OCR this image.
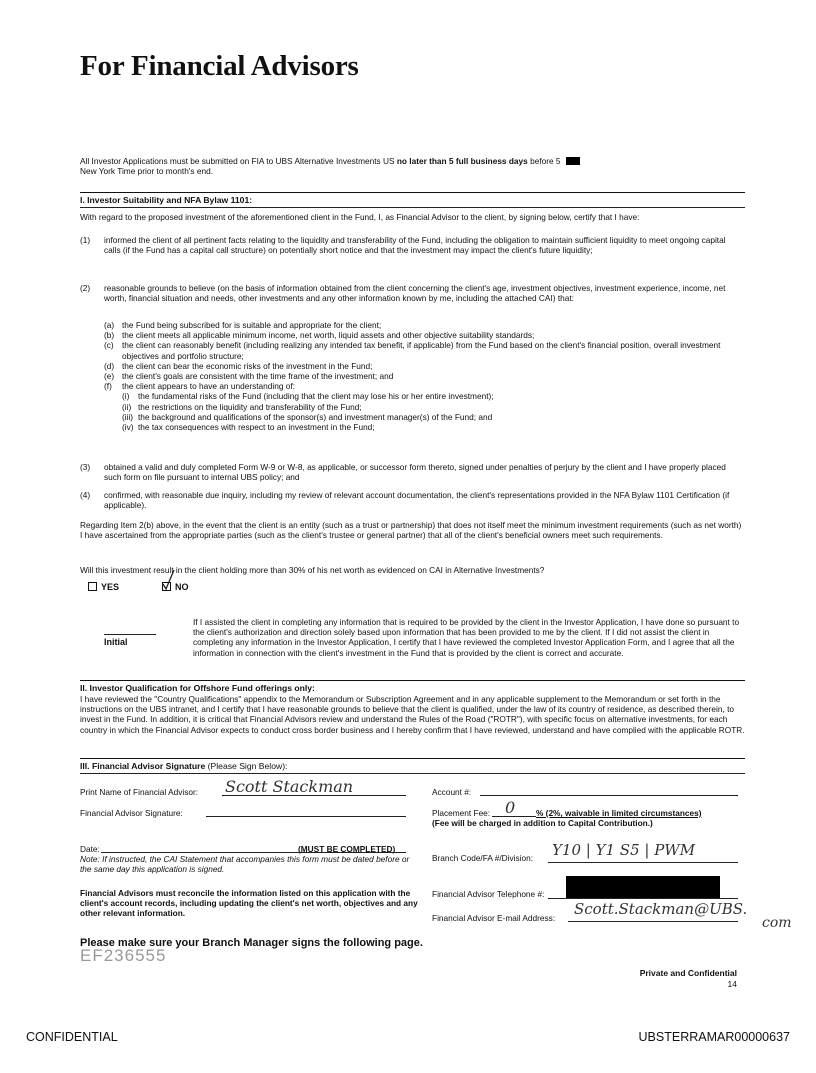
For Financial Advisors
All Investor Applications must be submitted on FIA to UBS Alternative Investments US no later than 5 full business days before 5
New York Time prior to month's end.
I. Investor Suitability and NFA Bylaw 1101:
With regard to the proposed investment of the aforementioned client in the Fund, I, as Financial Advisor to the client, by signing below, certify that I have:
(1) informed the client of all pertinent facts relating to the liquidity and transferability of the Fund, including the obligation to maintain sufficient liquidity to meet ongoing capital calls (if the Fund has a capital call structure) on potentially short notice and that the investment may impact the client's future liquidity;
(2) reasonable grounds to believe (on the basis of information obtained from the client concerning the client's age, investment objectives, investment experience, income, net worth, financial situation and needs, other investments and any other information known by me, including the attached CAI) that:
(a) the Fund being subscribed for is suitable and appropriate for the client;
(b) the client meets all applicable minimum income, net worth, liquid assets and other objective suitability standards;
(c) the client can reasonably benefit (including realizing any intended tax benefit, if applicable) from the Fund based on the client's financial position, overall investment objectives and portfolio structure;
(d) the client can bear the economic risks of the investment in the Fund;
(e) the client's goals are consistent with the time frame of the investment; and
(f) the client appears to have an understanding of:
(i) the fundamental risks of the Fund (including that the client may lose his or her entire investment);
(ii) the restrictions on the liquidity and transferability of the Fund;
(iii) the background and qualifications of the sponsor(s) and investment manager(s) of the Fund; and
(iv) the tax consequences with respect to an investment in the Fund;
(3) obtained a valid and duly completed Form W-9 or W-8, as applicable, or successor form thereto, signed under penalties of perjury by the client and I have properly placed such form on file pursuant to internal UBS policy; and
(4) confirmed, with reasonable due inquiry, including my review of relevant account documentation, the client's representations provided in the NFA Bylaw 1101 Certification (if applicable).
Regarding Item 2(b) above, in the event that the client is an entity (such as a trust or partnership) that does not itself meet the minimum investment requirements (such as net worth) I have ascertained from the appropriate parties (such as the client's trustee or general partner) that all of the client's beneficial owners meet such requirements.
Will this investment result in the client holding more than 30% of his net worth as evidenced on CAI in Alternative Investments?
YES	NO
Initial
If I assisted the client in completing any information that is required to be provided by the client in the Investor Application, I have done so pursuant to the client's authorization and direction solely based upon information that has been provided to me by the client. If I did not assist the client in completing any information in the Investor Application, I certify that I have reviewed the completed Investor Application Form, and I agree that all the information in connection with the client's investment in the Fund that is provided by the client is correct and accurate.
II. Investor Qualification for Offshore Fund offerings only:
I have reviewed the "Country Qualifications" appendix to the Memorandum or Subscription Agreement and in any applicable supplement to the Memorandum or set forth in the instructions on the UBS intranet, and I certify that I have reasonable grounds to believe that the client is qualified, under the law of its country of residence, as described therein, to invest in the Fund. In addition, it is critical that Financial Advisors review and understand the Rules of the Road ("ROTR"), with specific focus on alternative investments, for each country in which the Financial Advisor expects to conduct cross border business and I hereby confirm that I have reviewed, understand and have complied with the applicable ROTR.
III. Financial Advisor Signature (Please Sign Below):
Print Name of Financial Advisor: Scott Stackman	Account #:
Financial Advisor Signature:	Placement Fee: 0	% (2%, waivable in limited circumstances)
(Fee will be charged in addition to Capital Contribution.)
Date:	(MUST BE COMPLETED)
Note: If instructed, the CAI Statement that accompanies this form must be dated before or the same day this application is signed.
Branch Code/FA #/Division: Y10 | Y1 S5 | PWM
Financial Advisors must reconcile the information listed on this application with the client's account records, including updating the client's net worth, objectives and any other relevant information.
Financial Advisor Telephone #:
Financial Advisor E-mail Address: Scott.Stackman@UBS.
com
Please make sure your Branch Manager signs the following page.
EF236555
Private and Confidential
14
CONFIDENTIAL	UBSTERRAMAR00000637
